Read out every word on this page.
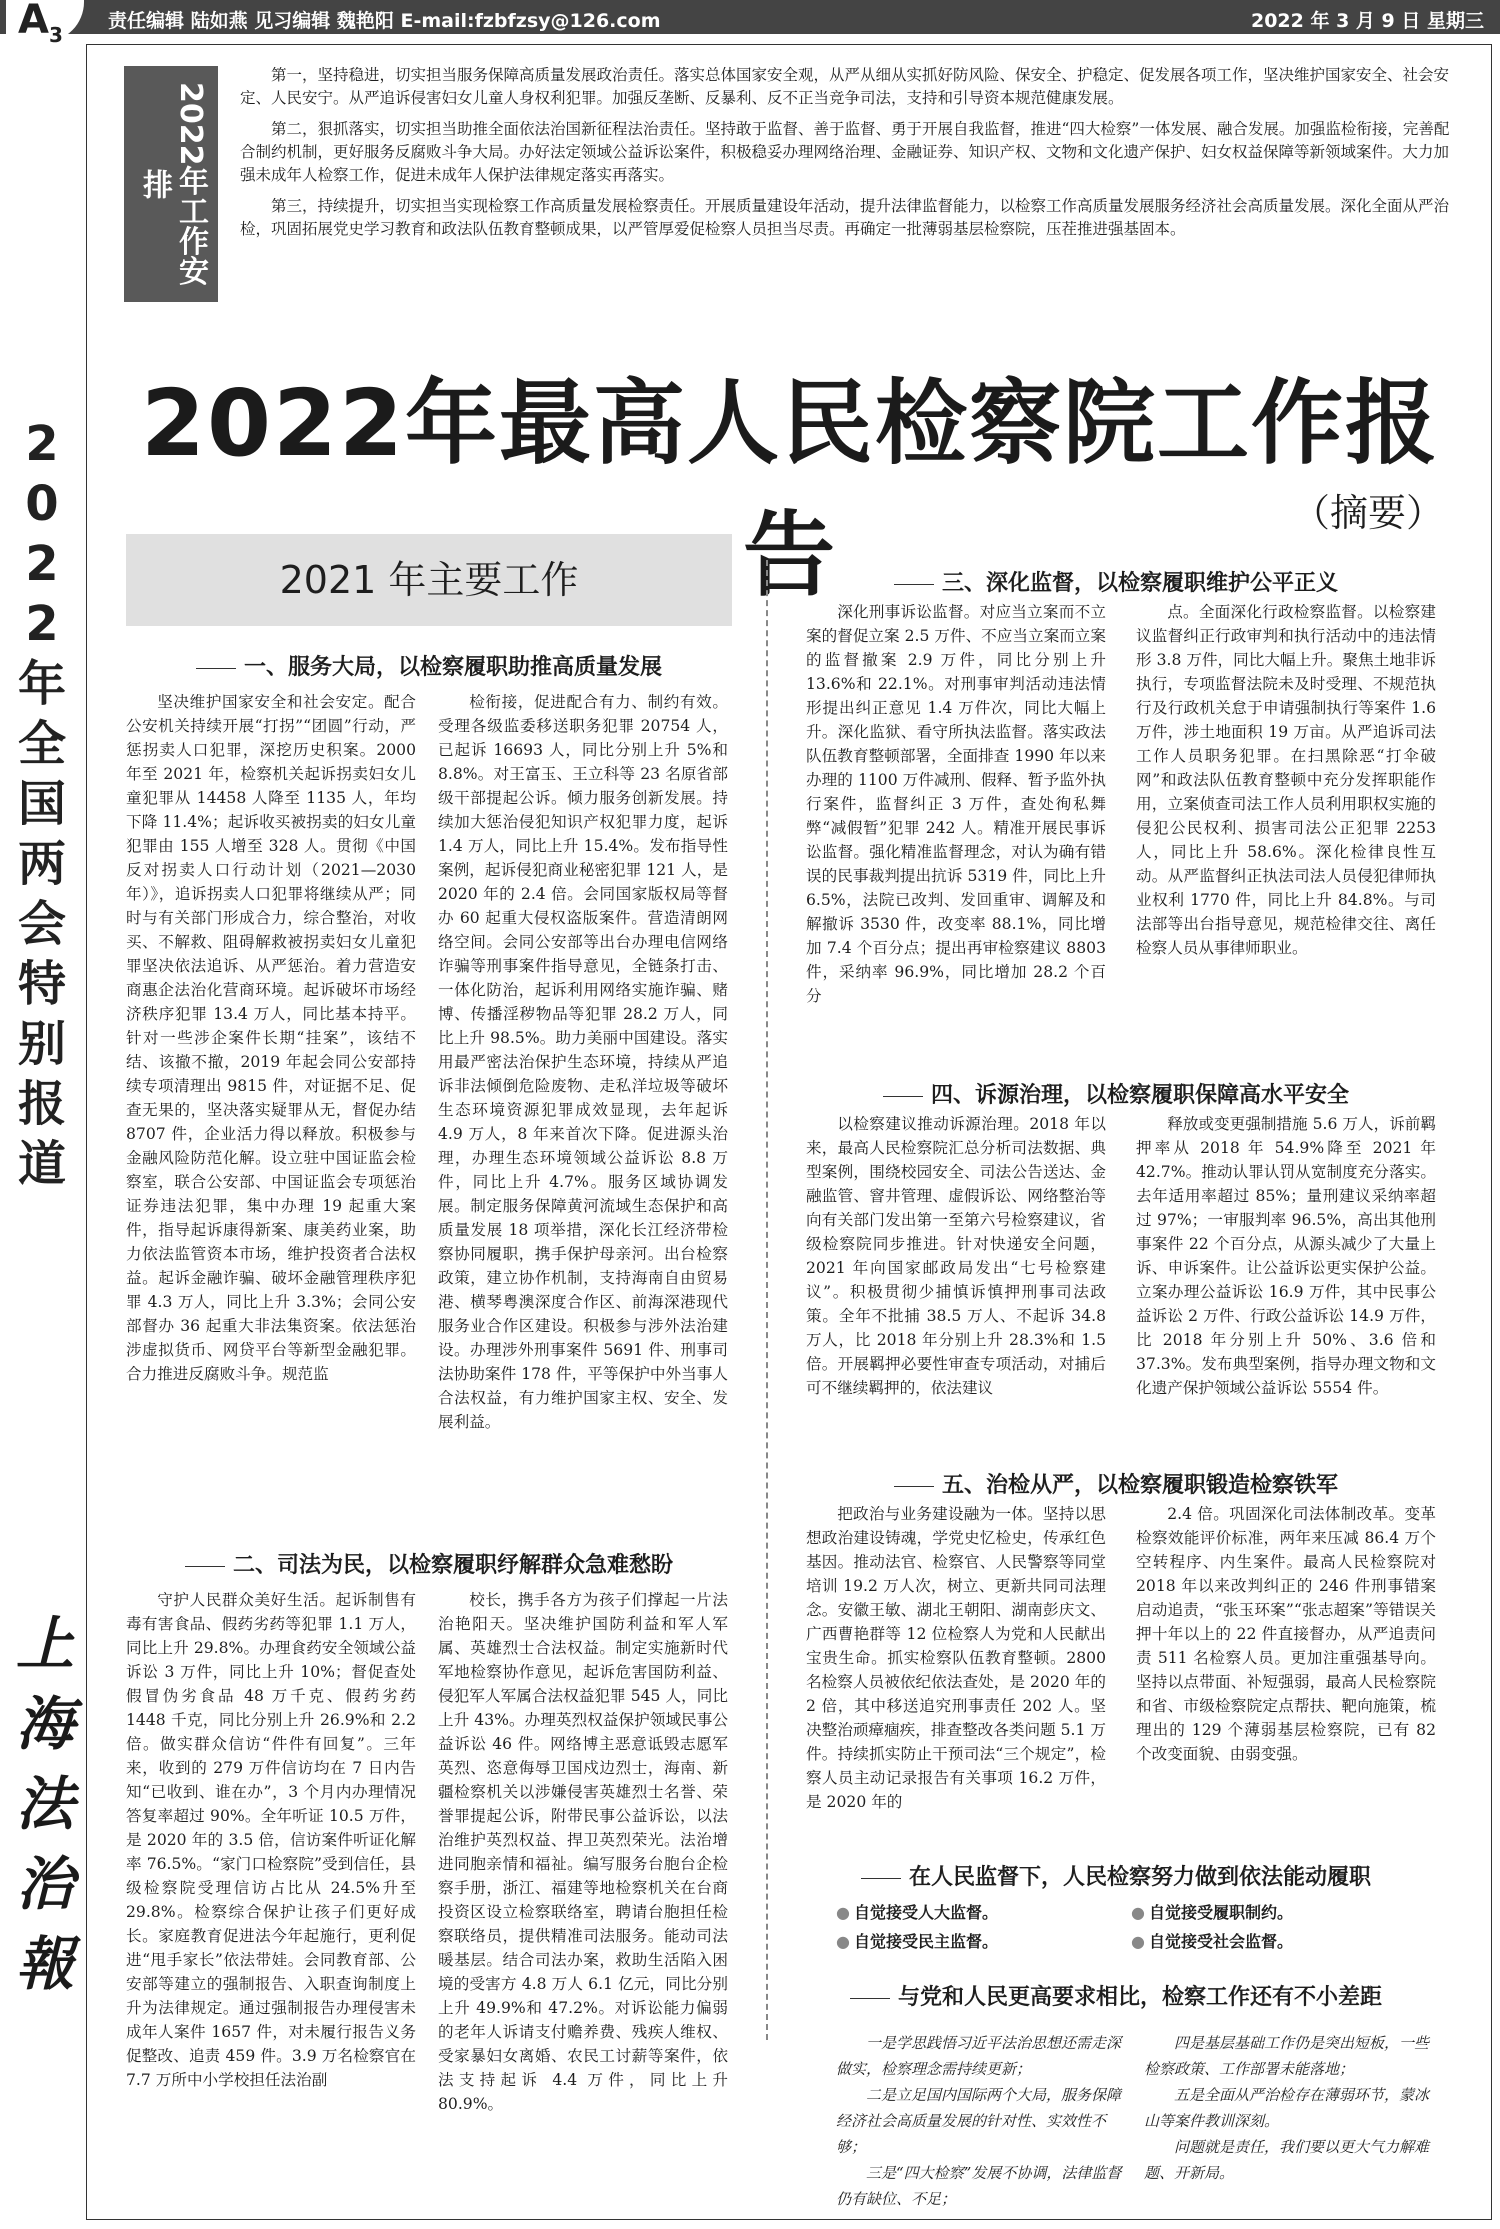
$A_3$
责任编辑 陆如燕 见习编辑 魏艳阳 E-mail:fzbfzsy@126.com	2022 年 3 月 9 日 星期三
2
0
2
2
年
全
国
两
会
特
别
报
道
上
海
法
治
報
2022年工作安排

第一，坚持稳进，切实担当服务保障高质量发展政治责任。落实总体国家安全观，从严从细从实抓好防风险、保安全、护稳定、促发展各项工作，坚决维护国家安全、社会安定、人民安宁。从严追诉侵害妇女儿童人身权利犯罪。加强反垄断、反暴利、反不正当竞争司法，支持和引导资本规范健康发展。

第二，狠抓落实，切实担当助推全面依法治国新征程法治责任。坚持敢于监督、善于监督、勇于开展自我监督，推进“四大检察”一体发展、融合发展。加强监检衔接，完善配合制约机制，更好服务反腐败斗争大局。办好法定领域公益诉讼案件，积极稳妥办理网络治理、金融证券、知识产权、文物和文化遗产保护、妇女权益保障等新领域案件。大力加强未成年人检察工作，促进未成年人保护法律规定落实再落实。

第三，持续提升，切实担当实现检察工作高质量发展检察责任。开展质量建设年活动，提升法律监督能力，以检察工作高质量发展服务经济社会高质量发展。深化全面从严治检，巩固拓展党史学习教育和政法队伍教育整顿成果，以严管厚爱促检察人员担当尽责。再确定一批薄弱基层检察院，压茬推进强基固本。

2022年最高人民检察院工作报告	（摘要）
2021 年主要工作
一、服务大局，以检察履职助推高质量发展

坚决维护国家安全和社会安定。配合公安机关持续开展“打拐”“团圆”行动，严惩拐卖人口犯罪，深挖历史积案。2000 年至 2021 年，检察机关起诉拐卖妇女儿童犯罪从 14458 人降至 1135 人，年均下降 11.4%；起诉收买被拐卖的妇女儿童犯罪由 155 人增至 328 人。贯彻《中国反对拐卖人口行动计划（2021—2030 年）》，追诉拐卖人口犯罪将继续从严；同时与有关部门形成合力，综合整治，对收买、不解救、阻碍解救被拐卖妇女儿童犯罪坚决依法追诉、从严惩治。着力营造安商惠企法治化营商环境。起诉破坏市场经济秩序犯罪 13.4 万人，同比基本持平。针对一些涉企案件长期“挂案”，该结不结、该撤不撤，2019 年起会同公安部持续专项清理出 9815 件，对证据不足、促查无果的，坚决落实疑罪从无，督促办结 8707 件，企业活力得以释放。积极参与金融风险防范化解。设立驻中国证监会检察室，联合公安部、中国证监会专项惩治证券违法犯罪，集中办理 19 起重大案件，指导起诉康得新案、康美药业案，助力依法监管资本市场，维护投资者合法权益。起诉金融诈骗、破坏金融管理秩序犯罪 4.3 万人，同比上升 3.3%；会同公安部督办 36 起重大非法集资案。依法惩治涉虚拟货币、网贷平台等新型金融犯罪。合力推进反腐败斗争。规范监

检衔接，促进配合有力、制约有效。受理各级监委移送职务犯罪 20754 人，已起诉 16693 人，同比分别上升 5%和 8.8%。对王富玉、王立科等 23 名原省部级干部提起公诉。倾力服务创新发展。持续加大惩治侵犯知识产权犯罪力度，起诉 1.4 万人，同比上升 15.4%。发布指导性案例，起诉侵犯商业秘密犯罪 121 人，是 2020 年的 2.4 倍。会同国家版权局等督办 60 起重大侵权盗版案件。营造清朗网络空间。会同公安部等出台办理电信网络诈骗等刑事案件指导意见，全链条打击、一体化防治，起诉利用网络实施诈骗、赌博、传播淫秽物品等犯罪 28.2 万人，同比上升 98.5%。助力美丽中国建设。落实用最严密法治保护生态环境，持续从严追诉非法倾倒危险废物、走私洋垃圾等破坏生态环境资源犯罪成效显现，去年起诉 4.9 万人，8 年来首次下降。促进源头治理，办理生态环境领域公益诉讼 8.8 万件，同比上升 4.7%。服务区域协调发展。制定服务保障黄河流域生态保护和高质量发展 18 项举措，深化长江经济带检察协同履职，携手保护母亲河。出台检察政策，建立协作机制，支持海南自由贸易港、横琴粤澳深度合作区、前海深港现代服务业合作区建设。积极参与涉外法治建设。办理涉外刑事案件 5691 件、刑事司法协助案件 178 件，平等保护中外当事人合法权益，有力维护国家主权、安全、发展利益。

二、司法为民，以检察履职纾解群众急难愁盼

守护人民群众美好生活。起诉制售有毒有害食品、假药劣药等犯罪 1.1 万人，同比上升 29.8%。办理食药安全领域公益诉讼 3 万件，同比上升 10%；督促查处假冒伪劣食品 48 万千克、假药劣药 1448 千克，同比分别上升 26.9%和 2.2 倍。做实群众信访“件件有回复”。三年来，收到的 279 万件信访均在 7 日内告知“已收到、谁在办”，3 个月内办理情况答复率超过 90%。全年听证 10.5 万件，是 2020 年的 3.5 倍，信访案件听证化解率 76.5%。“家门口检察院”受到信任，县级检察院受理信访占比从 24.5%升至 29.8%。检察综合保护让孩子们更好成长。家庭教育促进法今年起施行，更利促进“甩手家长”依法带娃。会同教育部、公安部等建立的强制报告、入职查询制度上升为法律规定。通过强制报告办理侵害未成年人案件 1657 件，对未履行报告义务促整改、追责 459 件。3.9 万名检察官在 7.7 万所中小学校担任法治副

校长，携手各方为孩子们撑起一片法治艳阳天。坚决维护国防利益和军人军属、英雄烈士合法权益。制定实施新时代军地检察协作意见，起诉危害国防利益、侵犯军人军属合法权益犯罪 545 人，同比上升 43%。办理英烈权益保护领域民事公益诉讼 46 件。网络博主恶意诋毁志愿军英烈、恣意侮辱卫国戍边烈士，海南、新疆检察机关以涉嫌侵害英雄烈士名誉、荣誉罪提起公诉，附带民事公益诉讼，以法治维护英烈权益、捍卫英烈荣光。法治增进同胞亲情和福祉。编写服务台胞台企检察手册，浙江、福建等地检察机关在台商投资区设立检察联络室，聘请台胞担任检察联络员，提供精准司法服务。能动司法暖基层。结合司法办案，救助生活陷入困境的受害方 4.8 万人 6.1 亿元，同比分别上升 49.9%和 47.2%。对诉讼能力偏弱的老年人诉请支付赡养费、残疾人维权、受家暴妇女离婚、农民工讨薪等案件，依法支持起诉 4.4 万件，同比上升 80.9%。

三、深化监督，以检察履职维护公平正义

深化刑事诉讼监督。对应当立案而不立案的督促立案 2.5 万件、不应当立案而立案的监督撤案 2.9 万件，同比分别上升 13.6%和 22.1%。对刑事审判活动违法情形提出纠正意见 1.4 万件次，同比大幅上升。深化监狱、看守所执法监督。落实政法队伍教育整顿部署，全面排查 1990 年以来办理的 1100 万件减刑、假释、暂予监外执行案件，监督纠正 3 万件，查处徇私舞弊“减假暂”犯罪 242 人。精准开展民事诉讼监督。强化精准监督理念，对认为确有错误的民事裁判提出抗诉 5319 件，同比上升 6.5%，法院已改判、发回重审、调解及和解撤诉 3530 件，改变率 88.1%，同比增加 7.4 个百分点；提出再审检察建议 8803 件，采纳率 96.9%，同比增加 28.2 个百分

点。全面深化行政检察监督。以检察建议监督纠正行政审判和执行活动中的违法情形 3.8 万件，同比大幅上升。聚焦土地非诉执行，专项监督法院未及时受理、不规范执行及行政机关怠于申请强制执行等案件 1.6 万件，涉土地面积 19 万亩。从严追诉司法工作人员职务犯罪。在扫黑除恶“打伞破网”和政法队伍教育整顿中充分发挥职能作用，立案侦查司法工作人员利用职权实施的侵犯公民权利、损害司法公正犯罪 2253 人，同比上升 58.6%。深化检律良性互动。从严监督纠正执法司法人员侵犯律师执业权利 1770 件，同比上升 84.8%。与司法部等出台指导意见，规范检律交往、离任检察人员从事律师职业。

四、诉源治理，以检察履职保障高水平安全

以检察建议推动诉源治理。2018 年以来，最高人民检察院汇总分析司法数据、典型案例，围绕校园安全、司法公告送达、金融监管、窨井管理、虚假诉讼、网络整治等向有关部门发出第一至第六号检察建议，省级检察院同步推进。针对快递安全问题，2021 年向国家邮政局发出“七号检察建议”。积极贯彻少捕慎诉慎押刑事司法政策。全年不批捕 38.5 万人、不起诉 34.8 万人，比 2018 年分别上升 28.3%和 1.5 倍。开展羁押必要性审查专项活动，对捕后可不继续羁押的，依法建议

释放或变更强制措施 5.6 万人，诉前羁押率从 2018 年 54.9%降至 2021 年 42.7%。推动认罪认罚从宽制度充分落实。去年适用率超过 85%；量刑建议采纳率超过 97%；一审服判率 96.5%，高出其他刑事案件 22 个百分点，从源头减少了大量上诉、申诉案件。让公益诉讼更实保护公益。立案办理公益诉讼 16.9 万件，其中民事公益诉讼 2 万件、行政公益诉讼 14.9 万件，比 2018 年分别上升 50%、3.6 倍和 37.3%。发布典型案例，指导办理文物和文化遗产保护领域公益诉讼 5554 件。

五、治检从严，以检察履职锻造检察铁军

把政治与业务建设融为一体。坚持以思想政治建设铸魂，学党史忆检史，传承红色基因。推动法官、检察官、人民警察等同堂培训 19.2 万人次，树立、更新共同司法理念。安徽王敏、湖北王朝阳、湖南彭庆文、广西曹艳群等 12 位检察人为党和人民献出宝贵生命。抓实检察队伍教育整顿。2800 名检察人员被依纪依法查处，是 2020 年的 2 倍，其中移送追究刑事责任 202 人。坚决整治顽瘴痼疾，排查整改各类问题 5.1 万件。持续抓实防止干预司法“三个规定”，检察人员主动记录报告有关事项 16.2 万件，是 2020 年的

2.4 倍。巩固深化司法体制改革。变革检察效能评价标准，两年来压减 86.4 万个空转程序、内生案件。最高人民检察院对 2018 年以来改判纠正的 246 件刑事错案启动追责，“张玉环案”“张志超案”等错误关押十年以上的 22 件直接督办，从严追责问责 511 名检察人员。更加注重强基导向。坚持以点带面、补短强弱，最高人民检察院和省、市级检察院定点帮扶、靶向施策，梳理出的 129 个薄弱基层检察院，已有 82 个改变面貌、由弱变强。

在人民监督下，人民检察努力做到依法能动履职
● 自觉接受人大监督。	● 自觉接受履职制约。
● 自觉接受民主监督。	● 自觉接受社会监督。
与党和人民更高要求相比，检察工作还有不小差距

一是学思践悟习近平法治思想还需走深做实，检察理念需持续更新；

二是立足国内国际两个大局，服务保障经济社会高质量发展的针对性、实效性不够；

三是“四大检察”发展不协调，法律监督仍有缺位、不足；

四是基层基础工作仍是突出短板，一些检察政策、工作部署未能落地；

五是全面从严治检存在薄弱环节，蒙冰山等案件教训深刻。

问题就是责任，我们要以更大气力解难题、开新局。
